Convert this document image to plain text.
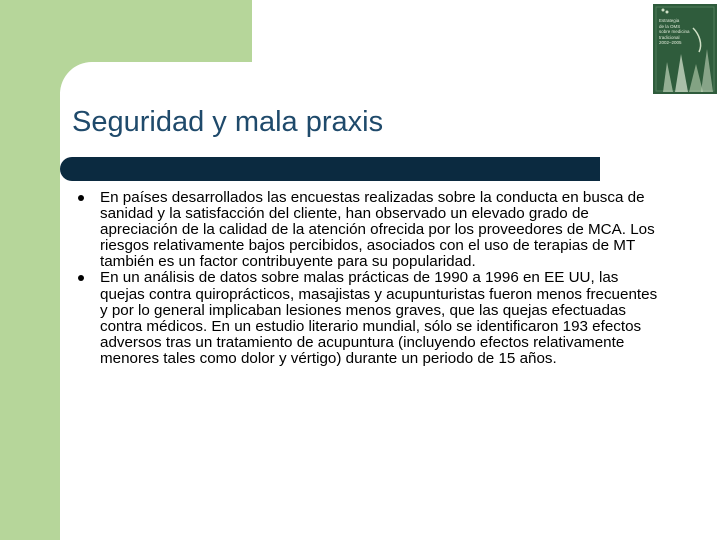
Estrategia
de la OMS
sobre medicina
tradicional
2002–2005
Seguridad y mala praxis
En países desarrollados las encuestas realizadas sobre la conducta en busca de sanidad y la satisfacción del cliente, han observado un elevado grado de apreciación de la calidad de la atención ofrecida por los proveedores de MCA. Los riesgos relativamente bajos percibidos, asociados con el uso de terapias de MT también es un factor contribuyente para su popularidad.
En un análisis de datos sobre malas prácticas de 1990 a 1996 en EE UU, las quejas contra quiroprácticos, masajistas y acupunturistas fueron menos frecuentes y por lo general implicaban lesiones menos graves, que las quejas efectuadas contra médicos. En un estudio literario mundial, sólo se identificaron 193 efectos adversos tras un tratamiento de acupuntura (incluyendo efectos relativamente menores tales como dolor y vértigo) durante un periodo de 15 años.
